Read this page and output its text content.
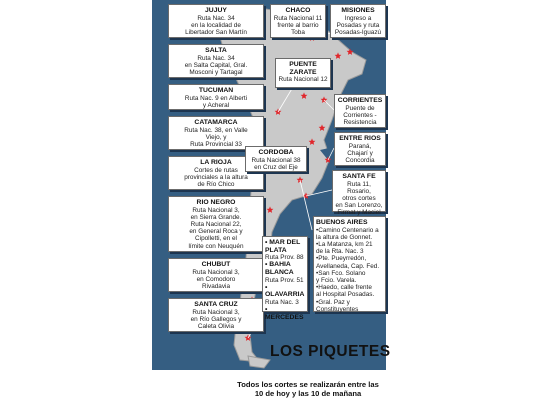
JUJUY
Ruta Nac. 34
en la localidad de
Libertador San Martín
SALTA
Ruta Nac. 34
en Salta Capital, Gral.
Mosconi y Tartagal
TUCUMAN
Ruta Nac. 9 en Alberti
y Acheral
CATAMARCA
Ruta Nac. 38, en Valle
Viejo, y
Ruta Provincial 33
LA RIOJA
Cortes de rutas
provinciales a la altura
de Río Chico
RIO NEGRO
Ruta Nacional 3,
en Sierra Grande.
Ruta Nacional 22,
en General Roca y
Cipolletti, en el
límite con Neuquén
CHUBUT
Ruta Nacional 3,
en Comodoro
Rivadavia
SANTA CRUZ
Ruta Nacional 3,
en Río Gallegos y
Caleta Olivia
CHACO
Ruta Nacional 11
frente al barrio
Toba
MISIONES
Ingreso a
Posadas y ruta
Posadas-Iguazú
PUENTE
ZARATE
Ruta Nacional 12
CORRIENTES
Puente de
Corrientes -
Resistencia
ENTRE RIOS
Paraná,
Chajarí y
Concordia
CORDOBA
Ruta Nacional 38
en Cruz del Eje
SANTA FE
Ruta 11, Rosario,
otros cortes
en San Lorenzo,
Firmat y Maciel
BUENOS AIRES
•Camino Centenario a
la altura de Gonnet.
•La Matanza, km 21
de la Rta. Nac. 3
•Pte. Pueyrredón,
Avellaneda, Cap. Fed.
•San Fco. Solano
y Fcio. Varela.
•Haedo, calle frente
al Hospital Posadas.
•Gral. Paz y
Constituyentes
• MAR DEL
PLATA
Ruta Prov. 88
• BAHIA
BLANCA
Ruta Prov. 51
• OLAVARRIA
Ruta Nac. 3
• MERCEDES
LOS PIQUETES
Todos los cortes se realizarán entre las
10 de hoy y las 10 de mañana
